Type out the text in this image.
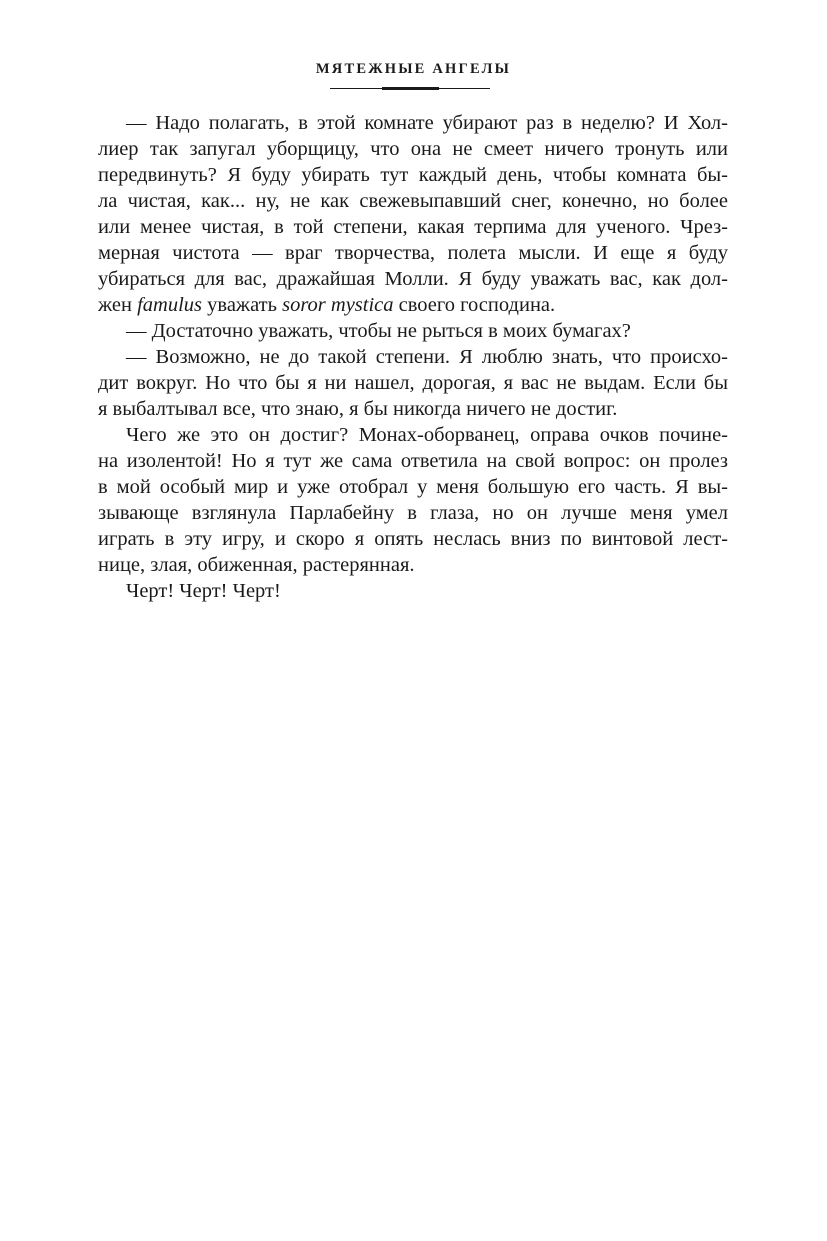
МЯТЕЖНЫЕ АНГЕЛЫ
— Надо полагать, в этой комнате убирают раз в неделю? И Хол-
лиер так запугал уборщицу, что она не смеет ничего тронуть или
передвинуть? Я буду убирать тут каждый день, чтобы комната бы-
ла чистая, как... ну, не как свежевыпавший снег, конечно, но более
или менее чистая, в той степени, какая терпима для ученого. Чрез-
мерная чистота — враг творчества, полета мысли. И еще я буду
убираться для вас, дражайшая Молли. Я буду уважать вас, как дол-
жен famulus уважать soror mystica своего господина.
— Достаточно уважать, чтобы не рыться в моих бумагах?
— Возможно, не до такой степени. Я люблю знать, что происхо-
дит вокруг. Но что бы я ни нашел, дорогая, я вас не выдам. Если бы
я выбалтывал все, что знаю, я бы никогда ничего не достиг.
Чего же это он достиг? Монах-оборванец, оправа очков починe-
на изолентой! Но я тут же сама ответила на свой вопрос: он пролез
в мой особый мир и уже отобрал у меня большую его часть. Я вы-
зывающе взглянула Парлабейну в глаза, но он лучше меня умел
играть в эту игру, и скоро я опять неслась вниз по винтовой лест-
нице, злая, обиженная, растерянная.
Черт! Черт! Черт!
